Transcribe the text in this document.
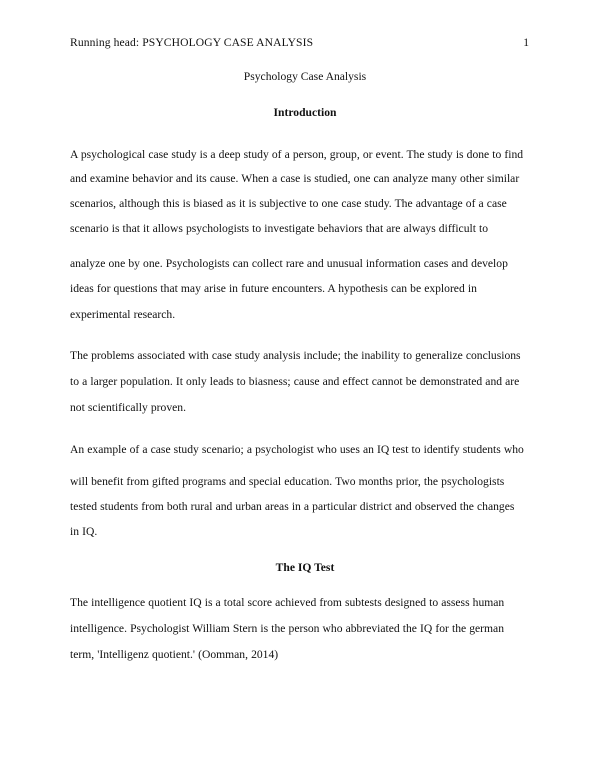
Running head: PSYCHOLOGY CASE ANALYSIS	1
Psychology Case Analysis
Introduction
A psychological case study is a deep study of a person, group, or event. The study is done to find
and examine behavior and its cause. When a case is studied, one can analyze many other similar
scenarios, although this is biased as it is subjective to one case study. The advantage of a case
scenario is that it allows psychologists to investigate behaviors that are always difficult to
analyze one by one. Psychologists can collect rare and unusual information cases and develop
ideas for questions that may arise in future encounters. A hypothesis can be explored in
experimental research.
The problems associated with case study analysis include; the inability to generalize conclusions
to a larger population. It only leads to biasness; cause and effect cannot be demonstrated and are
not scientifically proven.
An example of a case study scenario; a psychologist who uses an IQ test to identify students who
will benefit from gifted programs and special education. Two months prior, the psychologists
tested students from both rural and urban areas in a particular district and observed the changes
in IQ.
The IQ Test
The intelligence quotient IQ is a total score achieved from subtests designed to assess human
intelligence. Psychologist William Stern is the person who abbreviated the IQ for the german
term, 'Intelligenz quotient.' (Oomman, 2014)
